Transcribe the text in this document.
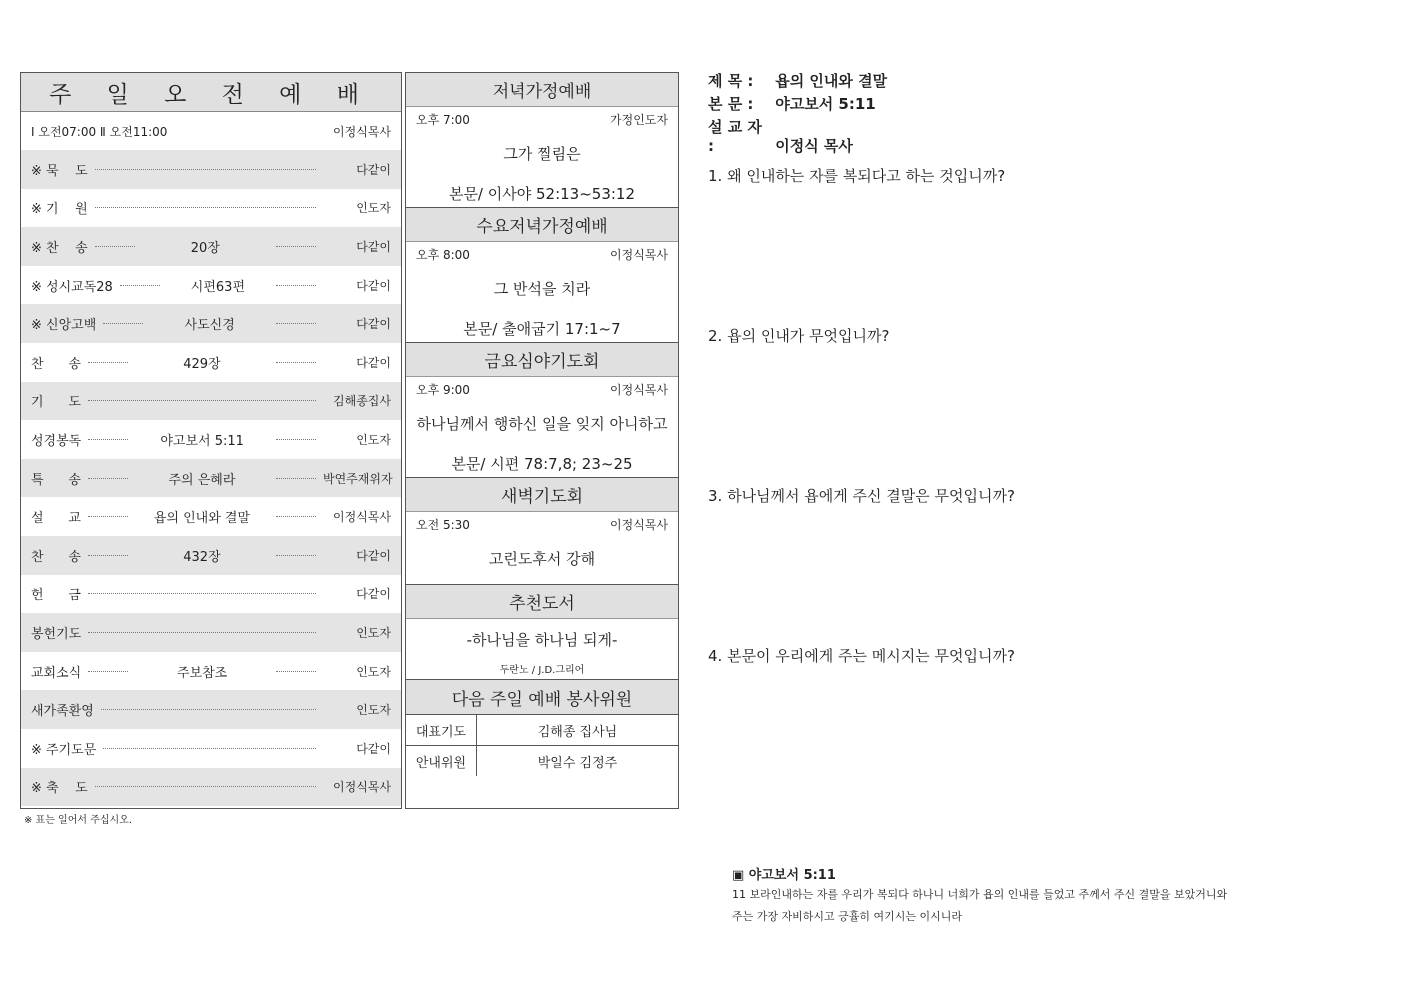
주 일 오 전 예 배
Ⅰ 오전07:00 Ⅱ 오전11:00	이정식목사
※ 묵    도	다같이
※ 기    원	인도자
※ 찬    송	20장	다같이
※ 성시교독28	시편63편	다같이
※ 신앙고백	사도신경	다같이
찬      송	429장	다같이
기      도	김해종집사
성경봉독	야고보서 5:11	인도자
특      송	주의 은혜라	박연주재위자
설      교	욥의 인내와 결말	이정식목사
찬      송	432장	다같이
헌      금	다같이
봉헌기도	인도자
교회소식	주보참조	인도자
새가족환영	인도자
※ 주기도문	다같이
※ 축    도	이정식목사
※ 표는 일어서 주십시오.
저녁가정예배
오후 7:00	가정인도자
그가 찔림은
본문/ 이사야 52:13~53:12
수요저녁가정예배
오후 8:00	이정식목사
그 반석을 치라
본문/ 출애굽기 17:1~7
금요심야기도회
오후 9:00	이정식목사
하나님께서 행하신 일을 잊지 아니하고
본문/ 시편 78:7,8; 23~25
새벽기도회
오전 5:30	이정식목사
고린도후서 강해
추천도서
-하나님을 하나님 되게-
두란노 / J.D.그리어
다음 주일 예배 봉사위원
대표기도	김해종 집사님
안내위원	박일수 김정주
제 목 : 욥의 인내와 결말
본 문 : 야고보서 5:11
설 교 자 :	이정식 목사
1. 왜 인내하는 자를 복되다고 하는 것입니까?
2. 욥의 인내가 무엇입니까?
3. 하나님께서 욥에게 주신 결말은 무엇입니까?
4. 본문이 우리에게 주는 메시지는 무엇입니까?
▣ 야고보서 5:11
11 보라인내하는 자를 우리가 복되다 하나니 너희가 욥의 인내를 들었고 주께서 주신 결말을 보았거니와
주는 가장 자비하시고 긍휼히 여기시는 이시니라
